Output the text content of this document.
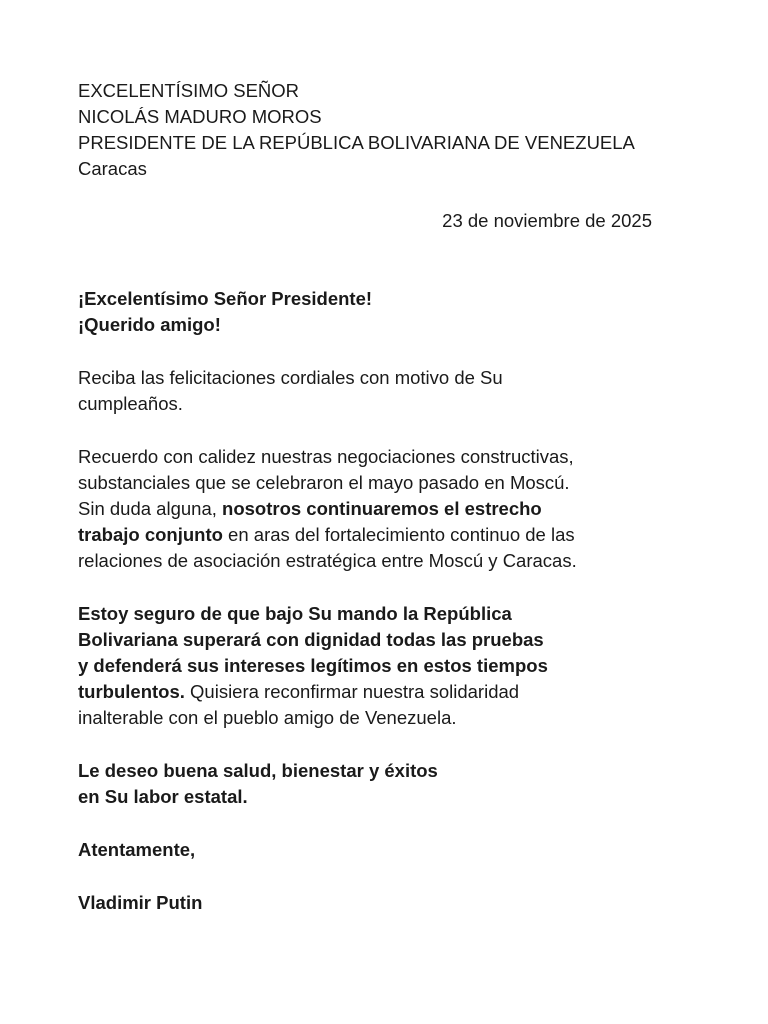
EXCELENTÍSIMO SEÑOR
NICOLÁS MADURO MOROS
PRESIDENTE DE LA REPÚBLICA BOLIVARIANA DE VENEZUELA
Caracas
23 de noviembre de 2025

¡Excelentísimo Señor Presidente!
¡Querido amigo!

Reciba las felicitaciones cordiales con motivo de Su
cumpleaños.

Recuerdo con calidez nuestras negociaciones constructivas,
substanciales que se celebraron el mayo pasado en Moscú.
Sin duda alguna, nosotros continuaremos el estrecho
trabajo conjunto en aras del fortalecimiento continuo de las
relaciones de asociación estratégica entre Moscú y Caracas.

Estoy seguro de que bajo Su mando la República
Bolivariana superará con dignidad todas las pruebas
y defenderá sus intereses legítimos en estos tiempos
turbulentos. Quisiera reconfirmar nuestra solidaridad
inalterable con el pueblo amigo de Venezuela.

Le deseo buena salud, bienestar y éxitos
en Su labor estatal.

Atentamente,

Vladimir Putin
